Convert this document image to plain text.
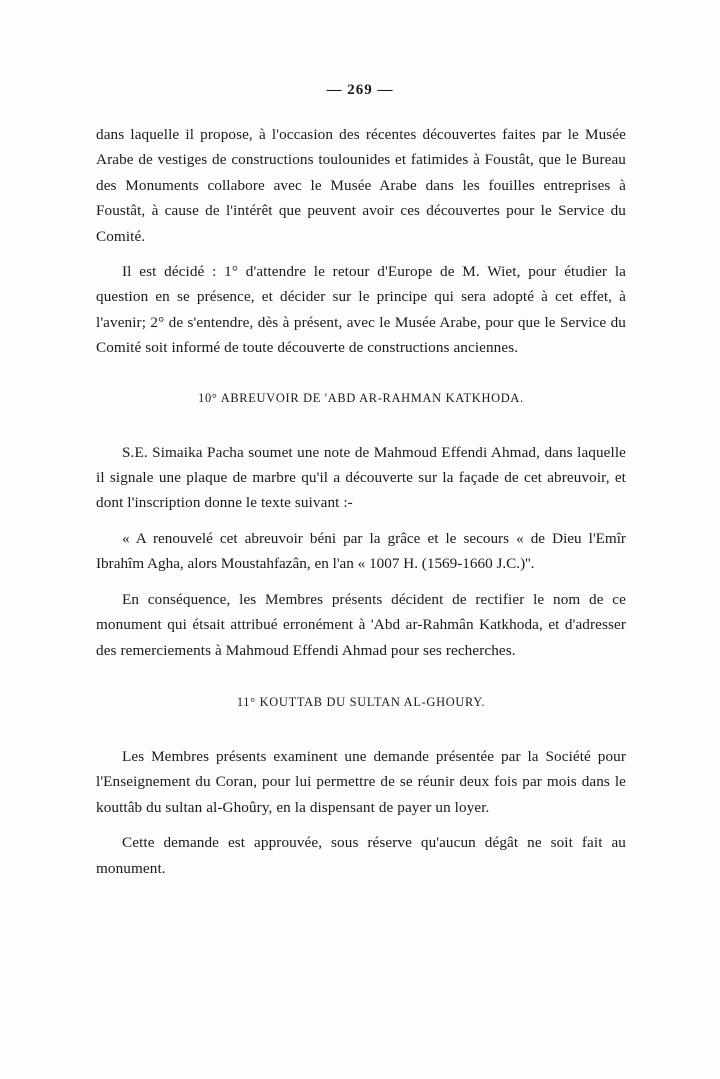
— 269 —

dans laquelle il propose, à l'occasion des récentes découvertes faites par le Musée Arabe de vestiges de constructions toulounides et fatimides à Foustât, que le Bureau des Monuments collabore avec le Musée Arabe dans les fouilles entreprises à Foustât, à cause de l'intérêt que peuvent avoir ces découvertes pour le Service du Comité.

Il est décidé : 1° d'attendre le retour d'Europe de M. Wiet, pour étudier la question en se présence, et décider sur le principe qui sera adopté à cet effet, à l'avenir; 2° de s'entendre, dès à présent, avec le Musée Arabe, pour que le Service du Comité soit informé de toute découverte de constructions anciennes.

10° ABREUVOIR DE 'ABD AR-RAHMAN KATKHODA.

S.E. Simaika Pacha soumet une note de Mahmoud Effendi Ahmad, dans laquelle il signale une plaque de marbre qu'il a découverte sur la façade de cet abreuvoir, et dont l'inscription donne le texte suivant :-

« A renouvelé cet abreuvoir béni par la grâce et le secours « de Dieu l'Emîr Ibrahîm Agha, alors Moustahfazân, en l'an « 1007 H. (1569-1660 J.C.)''.

En conséquence, les Membres présents décident de rectifier le nom de ce monument qui étsait attribué erronément à 'Abd ar-Rahmân Katkhoda, et d'adresser des remerciements à Mahmoud Effendi Ahmad pour ses recherches.

11° KOUTTAB DU SULTAN AL-GHOURY.

Les Membres présents examinent une demande présentée par la Société pour l'Enseignement du Coran, pour lui permettre de se réunir deux fois par mois dans le kouttâb du sultan al-Ghoûry, en la dispensant de payer un loyer.

Cette demande est approuvée, sous réserve qu'aucun dégât ne soit fait au monument.
